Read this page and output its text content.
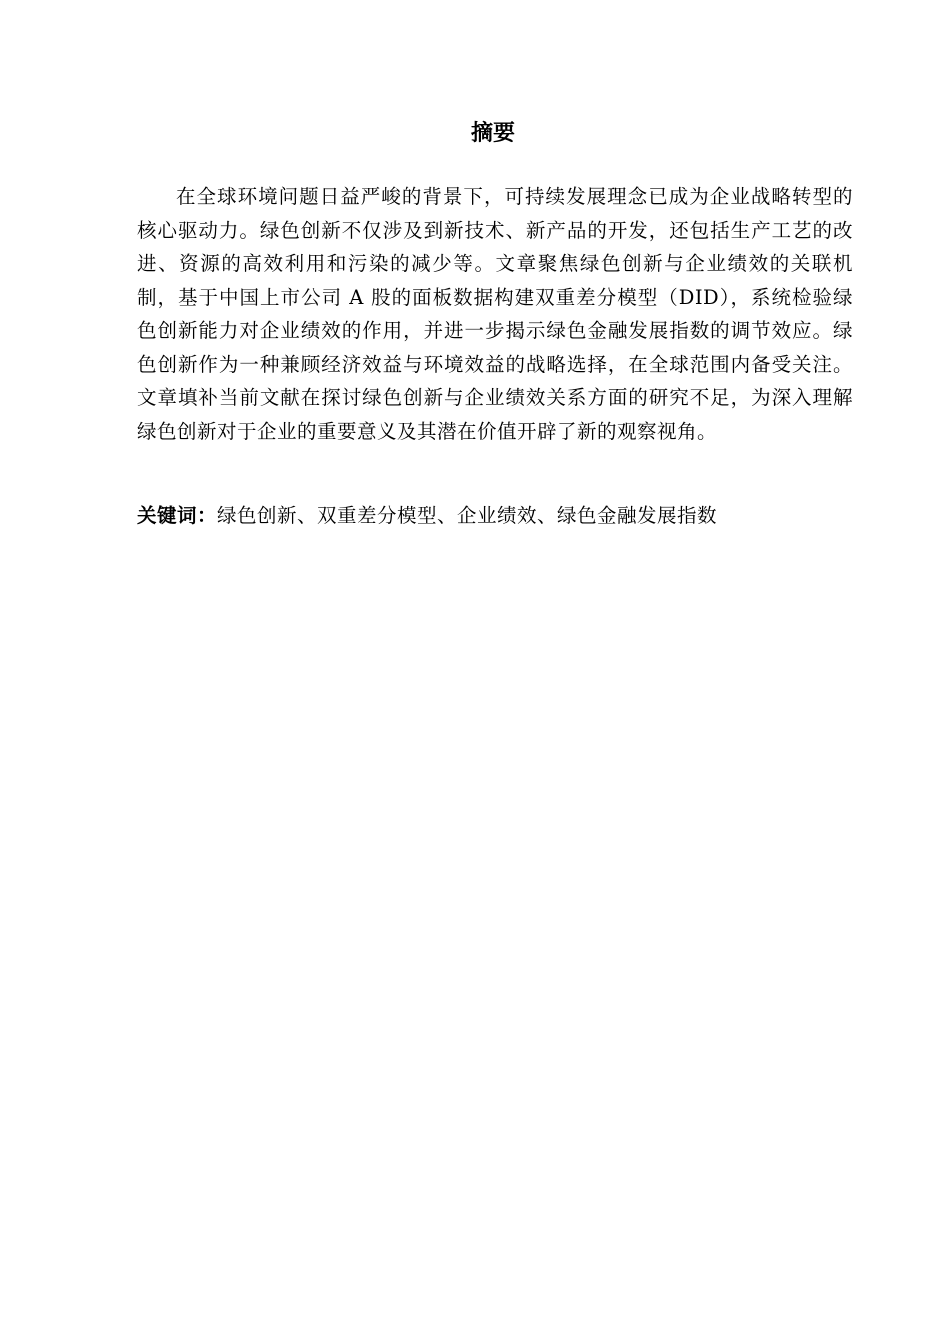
摘要

在全球环境问题日益严峻的背景下，可持续发展理念已成为企业战略转型的核心驱动力。绿色创新不仅涉及到新技术、新产品的开发，还包括生产工艺的改进、资源的高效利用和污染的减少等。文章聚焦绿色创新与企业绩效的关联机制，基于中国上市公司 A 股的面板数据构建双重差分模型（DID），系统检验绿色创新能力对企业绩效的作用，并进一步揭示绿色金融发展指数的调节效应。绿色创新作为一种兼顾经济效益与环境效益的战略选择，在全球范围内备受关注。文章填补当前文献在探讨绿色创新与企业绩效关系方面的研究不足，为深入理解绿色创新对于企业的重要意义及其潜在价值开辟了新的观察视角。

关键词：绿色创新、双重差分模型、企业绩效、绿色金融发展指数
